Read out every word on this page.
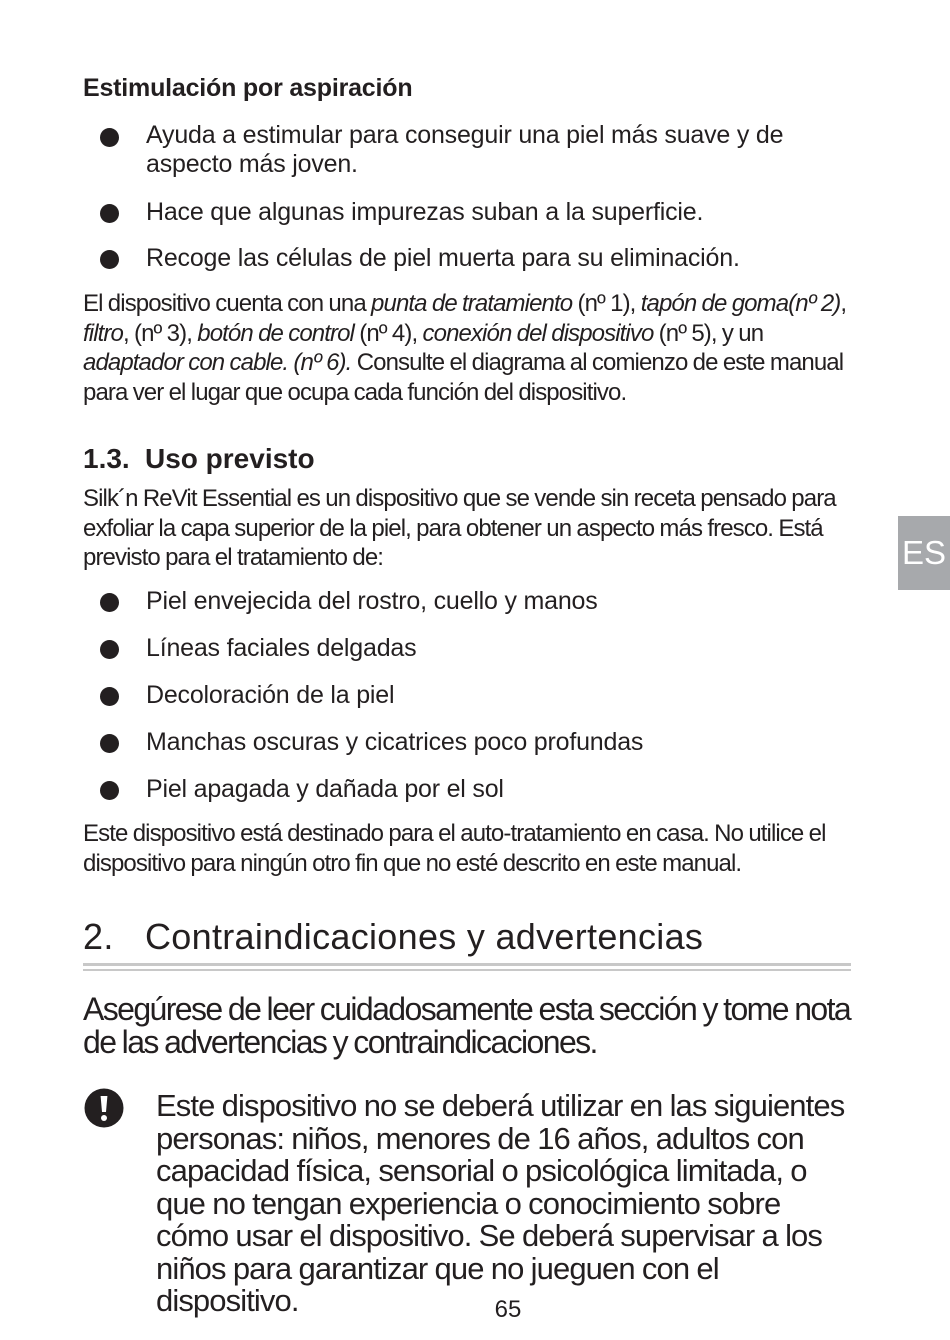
Estimulación por aspiración
Ayuda a estimular para conseguir una piel más suave y de aspecto más joven.
Hace que algunas impurezas suban a la superficie.
Recoge las células de piel muerta para su eliminación.
El dispositivo cuenta con una punta de tratamiento (nº 1), tapón de goma(nº 2), filtro, (nº 3), botón de control (nº 4), conexión del dispositivo (nº 5), y un adaptador con cable. (nº 6). Consulte el diagrama al comienzo de este manual para ver el lugar que ocupa cada función del dispositivo.
1.3. Uso previsto
Silk´n ReVit Essential es un dispositivo que se vende sin receta pensado para exfoliar la capa superior de la piel, para obtener un aspecto más fresco. Está previsto para el tratamiento de:
Piel envejecida del rostro, cuello y manos
Líneas faciales delgadas
Decoloración de la piel
Manchas oscuras y cicatrices poco profundas
Piel apagada y dañada por el sol
Este dispositivo está destinado para el auto-tratamiento en casa. No utilice el dispositivo para ningún otro fin que no esté descrito en este manual.
2. Contraindicaciones y advertencias
Asegúrese de leer cuidadosamente esta sección y tome nota de las advertencias y contraindicaciones.
Este dispositivo no se deberá utilizar en las siguientes personas: niños, menores de 16 años, adultos con capacidad física, sensorial o psicológica limitada, o que no tengan experiencia o conocimiento sobre cómo usar el dispositivo. Se deberá supervisar a los niños para garantizar que no jueguen con el dispositivo.
ES
65
